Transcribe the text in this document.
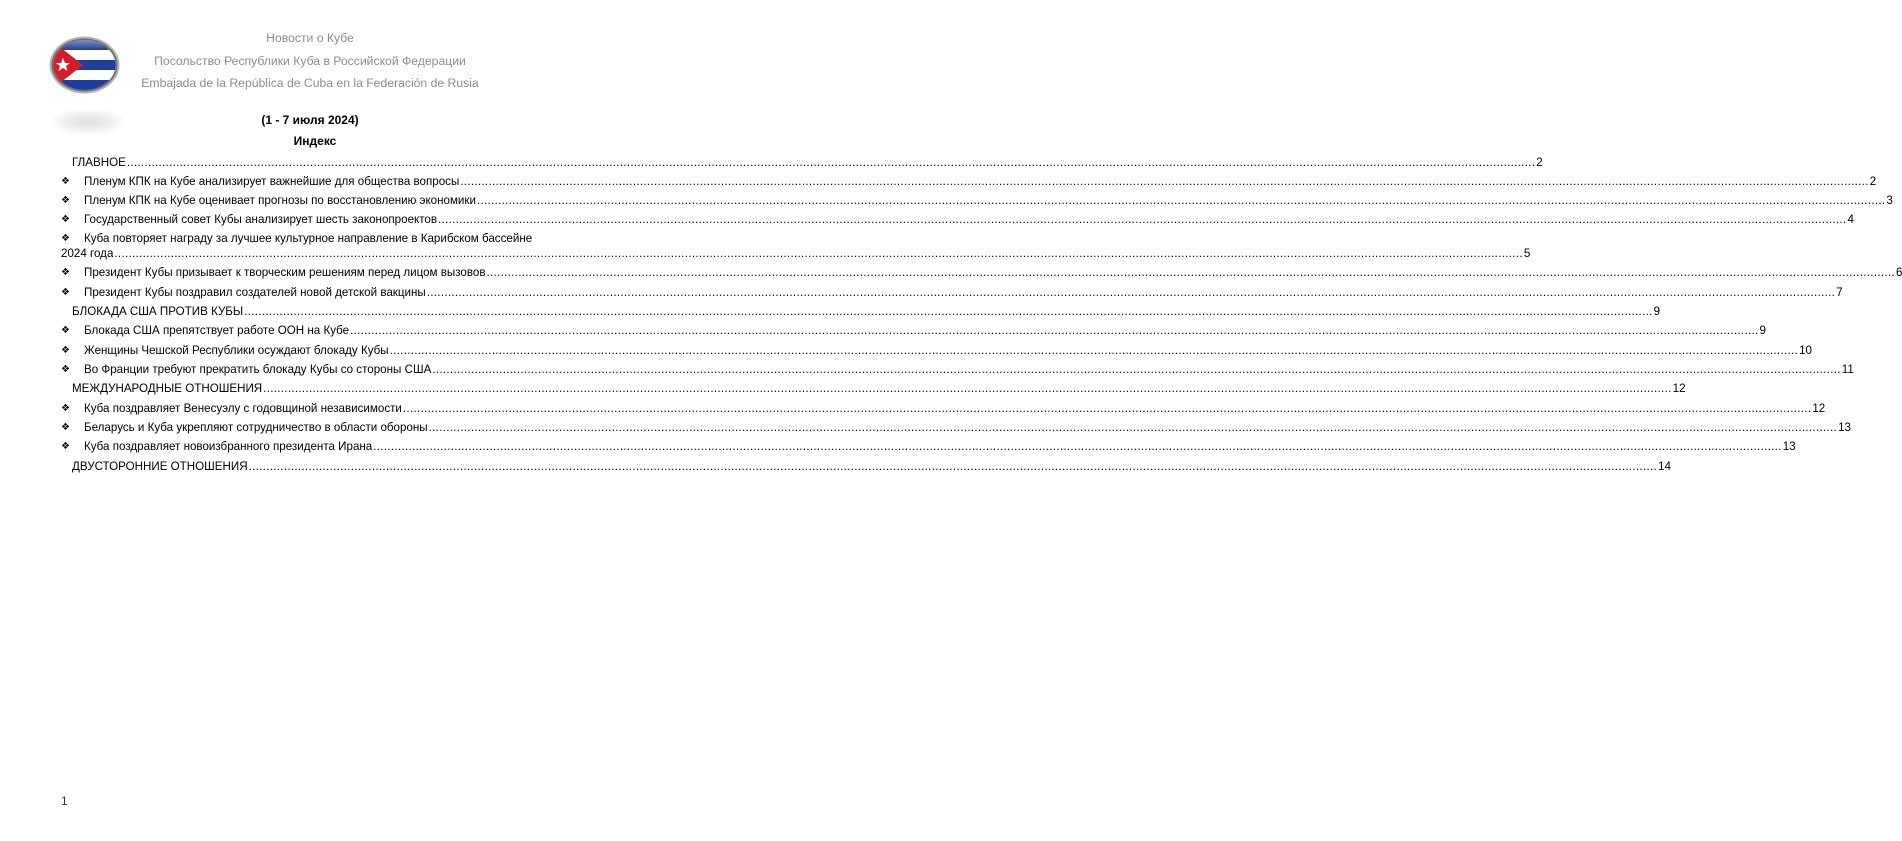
Новости о Кубе
Посольство Республики Куба в Российской Федерации
Embajada de la República de Cuba en la Federación de Rusia
(1 - 7 июля 2024)
Индекс
ГЛАВНОЕ ................................................................................................................................................................................................................................................................................................................................................................................................................ 2
❖	Пленум КПК на Кубе анализирует важнейшие для общества вопросы ................................................................................................................................................................................................................................................................................................................................................................................................................ 2
❖	Пленум КПК на Кубе оценивает прогнозы по восстановлению экономики ................................................................................................................................................................................................................................................................................................................................................................................................................ 3
❖	Государственный совет Кубы анализирует шесть законопроектов ................................................................................................................................................................................................................................................................................................................................................................................................................ 4
❖	Куба повторяет награду за лучшее культурное направление в Карибском бассейне
2024 года ................................................................................................................................................................................................................................................................................................................................................................................................................ 5
❖	Президент Кубы призывает к творческим решениям перед лицом вызовов ................................................................................................................................................................................................................................................................................................................................................................................................................ 6
❖	Президент Кубы поздравил создателей новой детской вакцины ................................................................................................................................................................................................................................................................................................................................................................................................................ 7
БЛОКАДА США ПРОТИВ КУБЫ ................................................................................................................................................................................................................................................................................................................................................................................................................ 9
❖	Блокада США препятствует работе ООН на Кубе ................................................................................................................................................................................................................................................................................................................................................................................................................ 9
❖	Женщины Чешской Республики осуждают блокаду Кубы ................................................................................................................................................................................................................................................................................................................................................................................................................ 10
❖	Во Франции требуют прекратить блокаду Кубы со стороны США ................................................................................................................................................................................................................................................................................................................................................................................................................ 11
МЕЖДУНАРОДНЫЕ ОТНОШЕНИЯ ................................................................................................................................................................................................................................................................................................................................................................................................................ 12
❖	Куба поздравляет Венесуэлу с годовщиной независимости ................................................................................................................................................................................................................................................................................................................................................................................................................ 12
❖	Беларусь и Куба укрепляют сотрудничество в области обороны ................................................................................................................................................................................................................................................................................................................................................................................................................ 13
❖	Куба поздравляет новоизбранного президента Ирана ................................................................................................................................................................................................................................................................................................................................................................................................................ 13
ДВУСТОРОННИЕ ОТНОШЕНИЯ ................................................................................................................................................................................................................................................................................................................................................................................................................ 14
1
